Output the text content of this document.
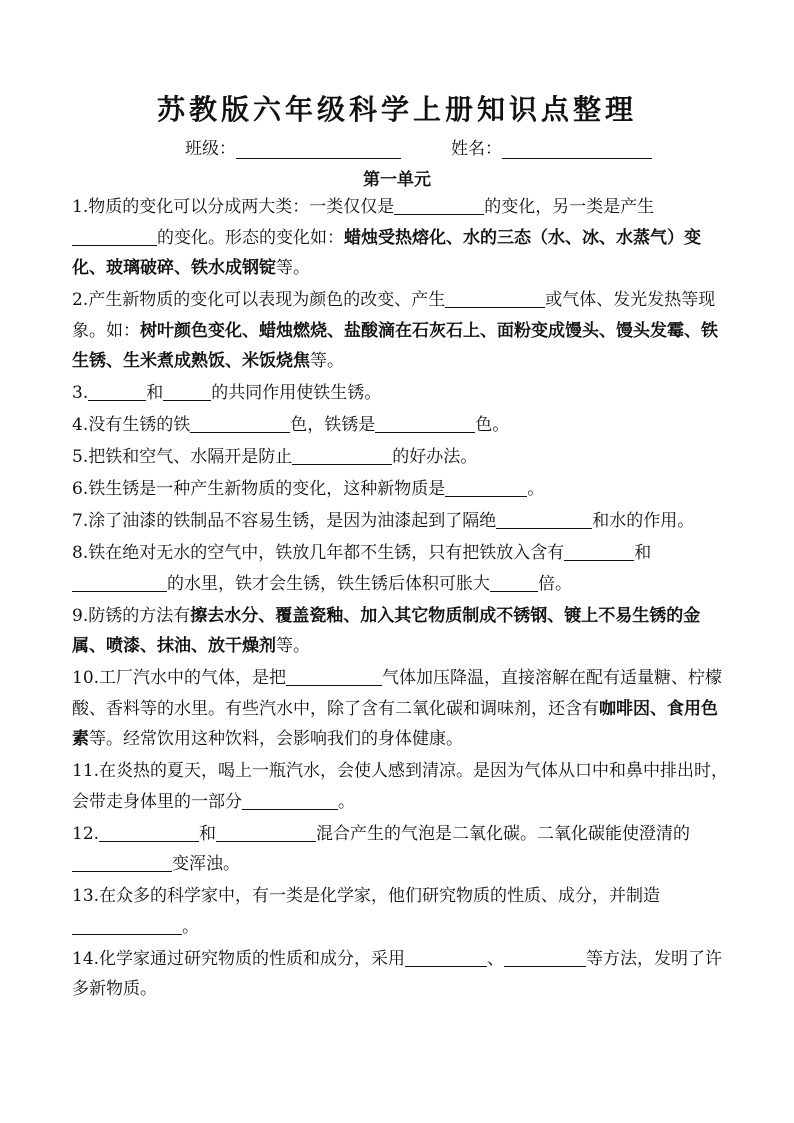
苏教版六年级科学上册知识点整理
班级：	姓名：
第一单元
1.物质的变化可以分成两大类：一类仅仅是	的变化，另一类是产生的变化。形态的变化如：蜡烛受热熔化、水的三态（水、冰、水蒸气）变化、玻璃破碎、铁水成钢锭等。
2.产生新物质的变化可以表现为颜色的改变、产生	或气体、发光发热等现象。如：树叶颜色变化、蜡烛燃烧、盐酸滴在石灰石上、面粉变成馒头、馒头发霉、铁生锈、生米煮成熟饭、米饭烧焦等。
3.	和	的共同作用使铁生锈。
4.没有生锈的铁	色，铁锈是	色。
5.把铁和空气、水隔开是防止	的好办法。
6.铁生锈是一种产生新物质的变化，这种新物质是	。
7.涂了油漆的铁制品不容易生锈，是因为油漆起到了隔绝	和水的作用。
8.铁在绝对无水的空气中，铁放几年都不生锈，只有把铁放入含有	和的水里，铁才会生锈，铁生锈后体积可胀大	倍。
9.防锈的方法有擦去水分、覆盖瓷釉、加入其它物质制成不锈钢、镀上不易生锈的金属、喷漆、抹油、放干燥剂等。
10.工厂汽水中的气体，是把	气体加压降温，直接溶解在配有适量糖、柠檬酸、香料等的水里。有些汽水中，除了含有二氧化碳和调味剂，还含有咖啡因、食用色素等。经常饮用这种饮料，会影响我们的身体健康。
11.在炎热的夏天，喝上一瓶汽水，会使人感到清凉。是因为气体从口中和鼻中排出时，会带走身体里的一部分	。
12.	和	混合产生的气泡是二氧化碳。二氧化碳能使澄清的变浑浊。
13.在众多的科学家中，有一类是化学家，他们研究物质的性质、成分，并制造。
14.化学家通过研究物质的性质和成分，采用	、	等方法，发明了许多新物质。
